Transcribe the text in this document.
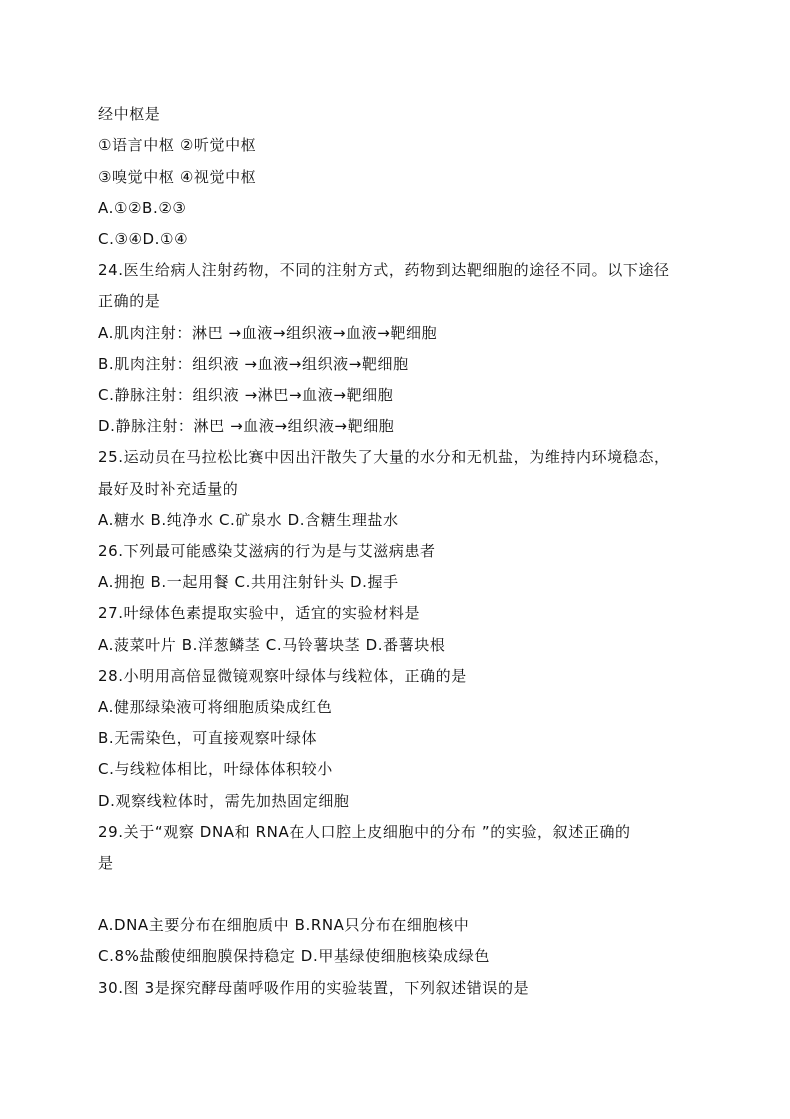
经中枢是
①语言中枢 ②听觉中枢
③嗅觉中枢 ④视觉中枢
A.①②B.②③
C.③④D.①④
24.医生给病人注射药物，不同的注射方式，药物到达靶细胞的途径不同。以下途径
正确的是
A.肌肉注射：淋巴 →血液→组织液→血液→靶细胞
B.肌肉注射：组织液 →血液→组织液→靶细胞
C.静脉注射：组织液 →淋巴→血液→靶细胞
D.静脉注射：淋巴 →血液→组织液→靶细胞
25.运动员在马拉松比赛中因出汗散失了大量的水分和无机盐，为维持内环境稳态，
最好及时补充适量的
A.糖水 B.纯净水 C.矿泉水 D.含糖生理盐水
26.下列最可能感染艾滋病的行为是与艾滋病患者
A.拥抱 B.一起用餐 C.共用注射针头 D.握手
27.叶绿体色素提取实验中，适宜的实验材料是
A.菠菜叶片 B.洋葱鳞茎 C.马铃薯块茎 D.番薯块根
28.小明用高倍显微镜观察叶绿体与线粒体，正确的是
A.健那绿染液可将细胞质染成红色
B.无需染色，可直接观察叶绿体
C.与线粒体相比，叶绿体体积较小
D.观察线粒体时，需先加热固定细胞
29.关于“观察 DNA和 RNA在人口腔上皮细胞中的分布 ”的实验，叙述正确的
是
A.DNA主要分布在细胞质中 B.RNA只分布在细胞核中
C.8%盐酸使细胞膜保持稳定 D.甲基绿使细胞核染成绿色
30.图 3是探究酵母菌呼吸作用的实验装置，下列叙述错误的是
